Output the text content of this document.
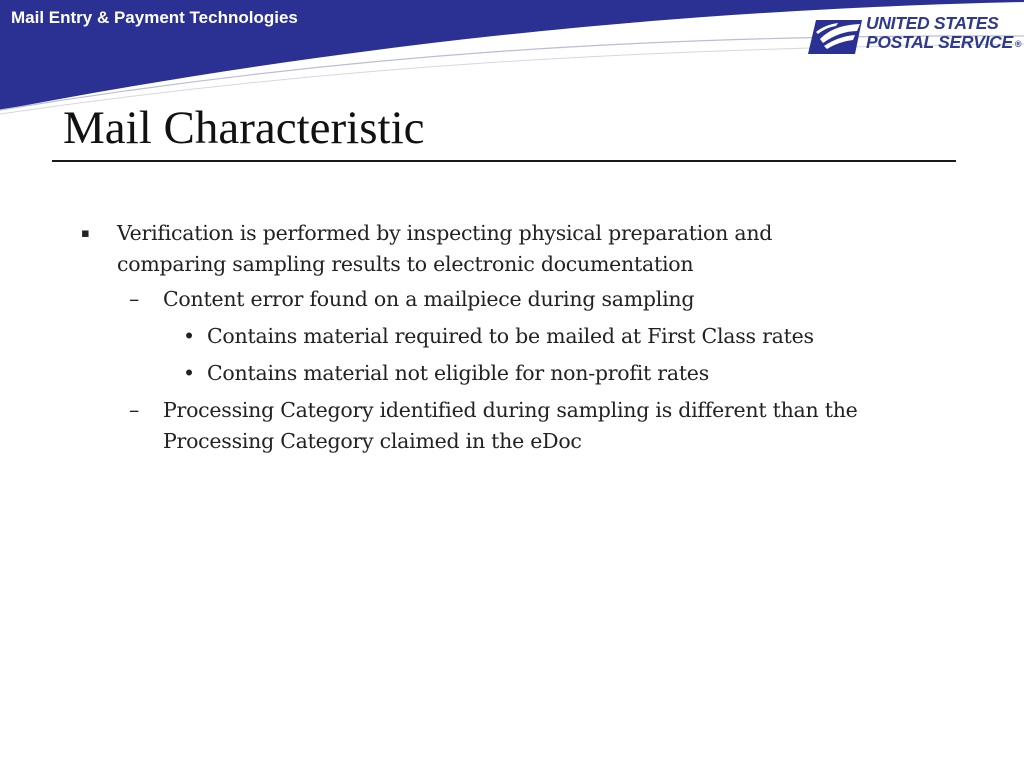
Mail Entry & Payment Technologies	UNITED STATES
POSTAL SERVICE ®
Mail Characteristic
▪ Verification is performed by inspecting physical preparation and comparing sampling results to electronic documentation
– Content error found on a mailpiece during sampling
• Contains material required to be mailed at First Class rates
• Contains material not eligible for non-profit rates
– Processing Category identified during sampling is different than the Processing Category claimed in the eDoc
